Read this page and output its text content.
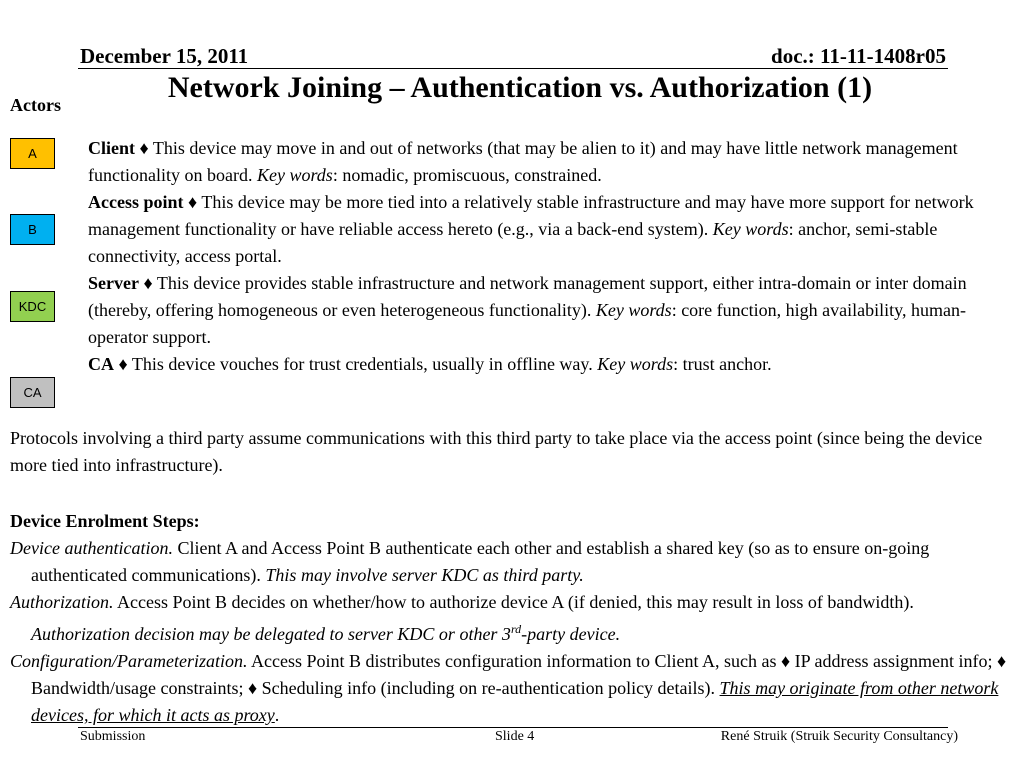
December 15, 2011	doc.: 11-11-1408r05
Network Joining – Authentication vs. Authorization (1)
Actors
A
B
KDC
CA

Client ♦ This device may move in and out of networks (that may be alien to it) and may have little network management functionality on board. Key words: nomadic, promiscuous, constrained.

Access point ♦ This device may be more tied into a relatively stable infrastructure and may have more support for network management functionality or have reliable access hereto (e.g., via a back-end system). Key words: anchor, semi-stable connectivity, access portal.

Server ♦ This device provides stable infrastructure and network management support, either intra-domain or inter domain (thereby, offering homogeneous or even heterogeneous functionality). Key words: core function, high availability, human-operator support.

CA ♦ This device vouches for trust credentials, usually in offline way. Key words: trust anchor.

Protocols involving a third party assume communications with this third party to take place via the access point (since being the device more tied into infrastructure).
Device Enrolment Steps:

Device authentication. Client A and Access Point B authenticate each other and establish a shared key (so as to ensure on-going authenticated communications). This may involve server KDC as third party.

Authorization. Access Point B decides on whether/how to authorize device A (if denied, this may result in loss of bandwidth). Authorization decision may be delegated to server KDC or other 3rd-party device.

Configuration/Parameterization. Access Point B distributes configuration information to Client A, such as ♦ IP address assignment info; ♦ Bandwidth/usage constraints; ♦ Scheduling info (including on re-authentication policy details). This may originate from other network devices, for which it acts as proxy.

Submission	Slide 4	René Struik (Struik Security Consultancy)
